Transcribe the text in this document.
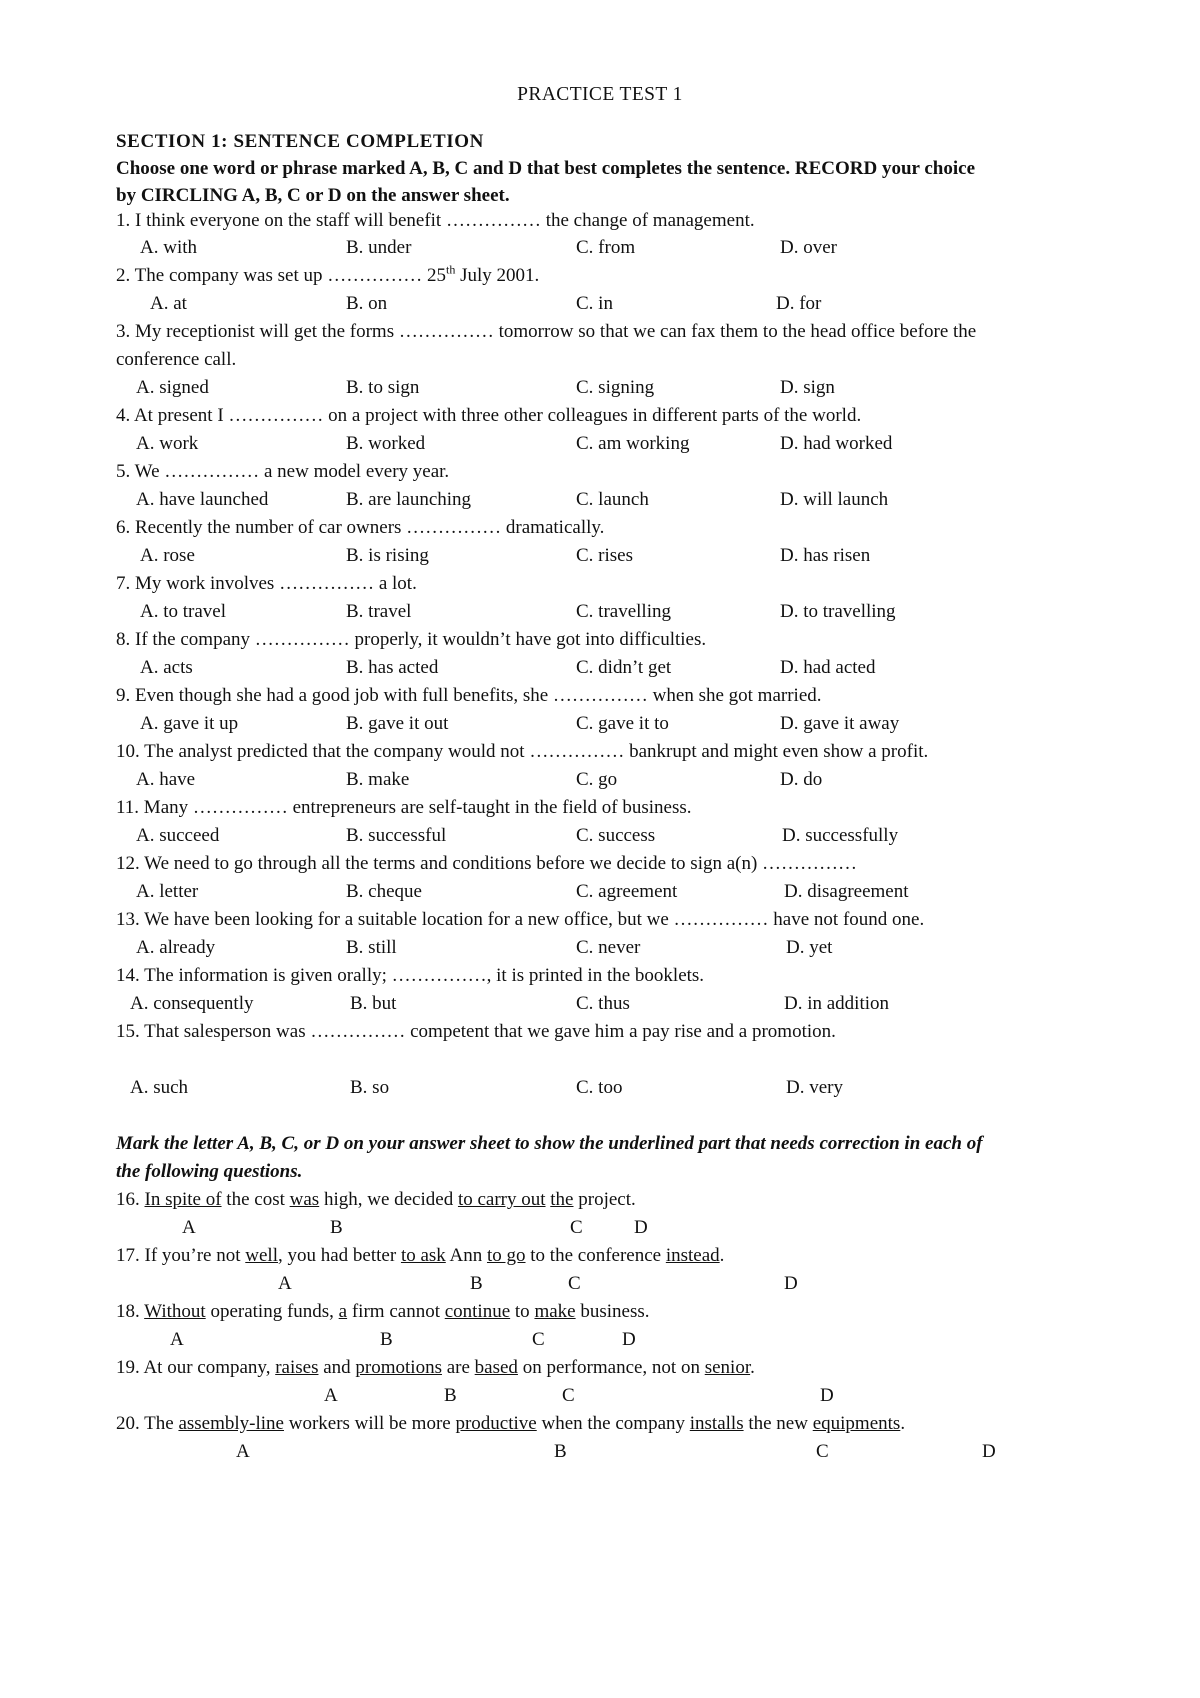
PRACTICE TEST 1
SECTION 1: SENTENCE COMPLETION
Choose one word or phrase marked A, B, C and D that best completes the sentence. RECORD your choice
by CIRCLING A, B, C or D on the answer sheet.
1. I think everyone on the staff will benefit …………… the change of management.
A. with	B. under	C. from	D. over
2. The company was set up …………… 25th July 2001.
A. at	B. on	C. in	D. for
3. My receptionist will get the forms …………… tomorrow so that we can fax them to the head office before the
conference call.
A. signed	B. to sign	C. signing	D. sign
4. At present I …………… on a project with three other colleagues in different parts of the world.
A. work	B. worked	C. am working	D. had worked
5. We …………… a new model every year.
A. have launched	B. are launching	C. launch	D. will launch
6. Recently the number of car owners …………… dramatically.
A. rose	B. is rising	C. rises	D. has risen
7. My work involves …………… a lot.
A. to travel	B. travel	C. travelling	D. to travelling
8. If the company …………… properly, it wouldn’t have got into difficulties.
A. acts	B. has acted	C. didn’t get	D. had acted
9. Even though she had a good job with full benefits, she …………… when she got married.
A. gave it up	B. gave it out	C. gave it to	D. gave it away
10. The analyst predicted that the company would not …………… bankrupt and might even show a profit.
A. have	B. make	C. go	D. do
11. Many …………… entrepreneurs are self-taught in the field of business.
A. succeed	B. successful	C. success	D. successfully
12. We need to go through all the terms and conditions before we decide to sign a(n) ……………
A. letter	B. cheque	C. agreement	D. disagreement
13. We have been looking for a suitable location for a new office, but we …………… have not found one.
A. already	B. still	C. never	D. yet
14. The information is given orally; ……………, it is printed in the booklets.
A. consequently	B. but	C. thus	D. in addition
15. That salesperson was …………… competent that we gave him a pay rise and a promotion.
A. such	B. so	C. too	D. very
Mark the letter A, B, C, or D on your answer sheet to show the underlined part that needs correction in each of
the following questions.
16. In spite of the cost was high, we decided to carry out the project.
A	B	C	D
17. If you’re not well, you had better to ask Ann to go to the conference instead.
A	B	C	D
18. Without operating funds, a firm cannot continue to make business.
A	B	C	D
19. At our company, raises and promotions are based on performance, not on senior.
A	B	C	D
20. The assembly-line workers will be more productive when the company installs the new equipments.
A	B	C	D
